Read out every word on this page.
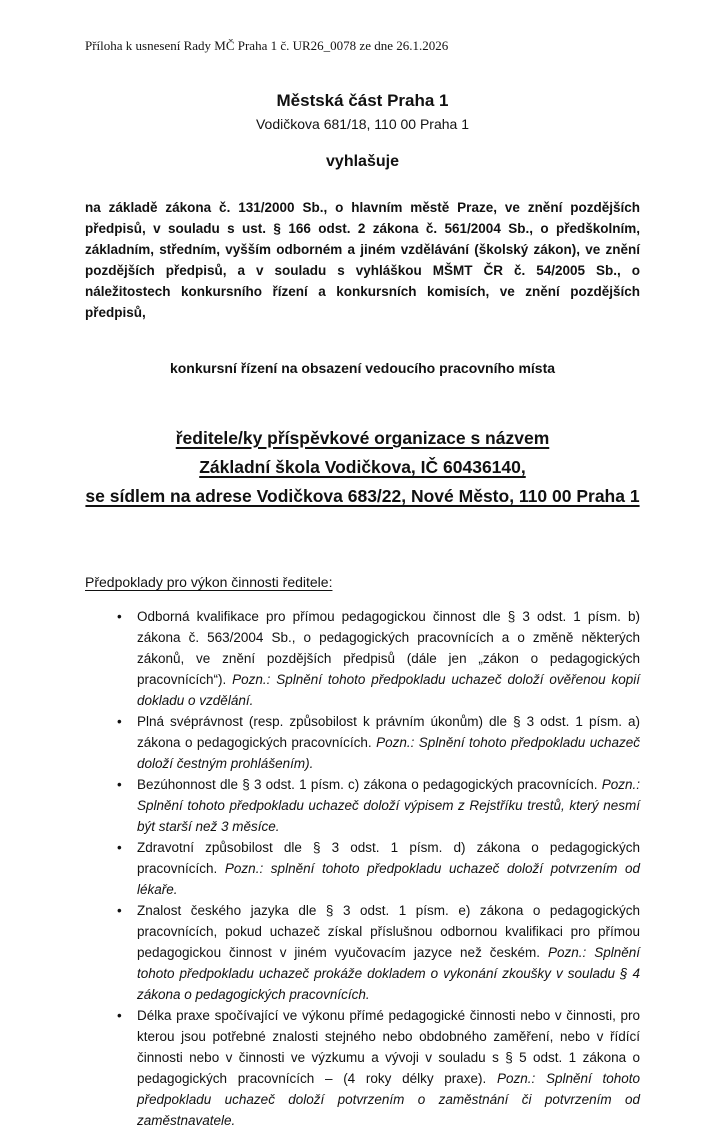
Příloha k usnesení Rady MČ Praha 1 č. UR26_0078 ze dne 26.1.2026

Městská část Praha 1

Vodičkova 681/18, 110 00 Praha 1

vyhlašuje

na základě zákona č. 131/2000 Sb., o hlavním městě Praze, ve znění pozdějších předpisů, v souladu s ust. § 166 odst. 2 zákona č. 561/2004 Sb., o předškolním, základním, středním, vyšším odborném a jiném vzdělávání (školský zákon), ve znění pozdějších předpisů, a v souladu s vyhláškou MŠMT ČR č. 54/2005 Sb., o náležitostech konkursního řízení a konkursních komisích, ve znění pozdějších předpisů,

konkursní řízení na obsazení vedoucího pracovního místa

ředitele/ky příspěvkové organizace s názvem
Základní škola Vodičkova, IČ 60436140,
se sídlem na adrese Vodičkova 683/22, Nové Město, 110 00 Praha 1

Předpoklady pro výkon činnosti ředitele:

• Odborná kvalifikace pro přímou pedagogickou činnost dle § 3 odst. 1 písm. b) zákona č. 563/2004 Sb., o pedagogických pracovnících a o změně některých zákonů, ve znění pozdějších předpisů (dále jen „zákon o pedagogických pracovnících“). Pozn.: Splnění tohoto předpokladu uchazeč doloží ověřenou kopií dokladu o vzdělání.
• Plná svéprávnost (resp. způsobilost k právním úkonům) dle § 3 odst. 1 písm. a) zákona o pedagogických pracovnících. Pozn.: Splnění tohoto předpokladu uchazeč doloží čestným prohlášením).
• Bezúhonnost dle § 3 odst. 1 písm. c) zákona o pedagogických pracovnících. Pozn.: Splnění tohoto předpokladu uchazeč doloží výpisem z Rejstříku trestů, který nesmí být starší než 3 měsíce.
• Zdravotní způsobilost dle § 3 odst. 1 písm. d) zákona o pedagogických pracovnících. Pozn.: splnění tohoto předpokladu uchazeč doloží potvrzením od lékaře.
• Znalost českého jazyka dle § 3 odst. 1 písm. e) zákona o pedagogických pracovnících, pokud uchazeč získal příslušnou odbornou kvalifikaci pro přímou pedagogickou činnost v jiném vyučovacím jazyce než českém. Pozn.: Splnění tohoto předpokladu uchazeč prokáže dokladem o vykonání zkoušky v souladu § 4 zákona o pedagogických pracovnících.
• Délka praxe spočívající ve výkonu přímé pedagogické činnosti nebo v činnosti, pro kterou jsou potřebné znalosti stejného nebo obdobného zaměření, nebo v řídící činnosti nebo v činnosti ve výzkumu a vývoji v souladu s § 5 odst. 1 zákona o pedagogických pracovnících – (4 roky délky praxe). Pozn.: Splnění tohoto předpokladu uchazeč doloží potvrzením o zaměstnání či potvrzením od zaměstnavatele.
